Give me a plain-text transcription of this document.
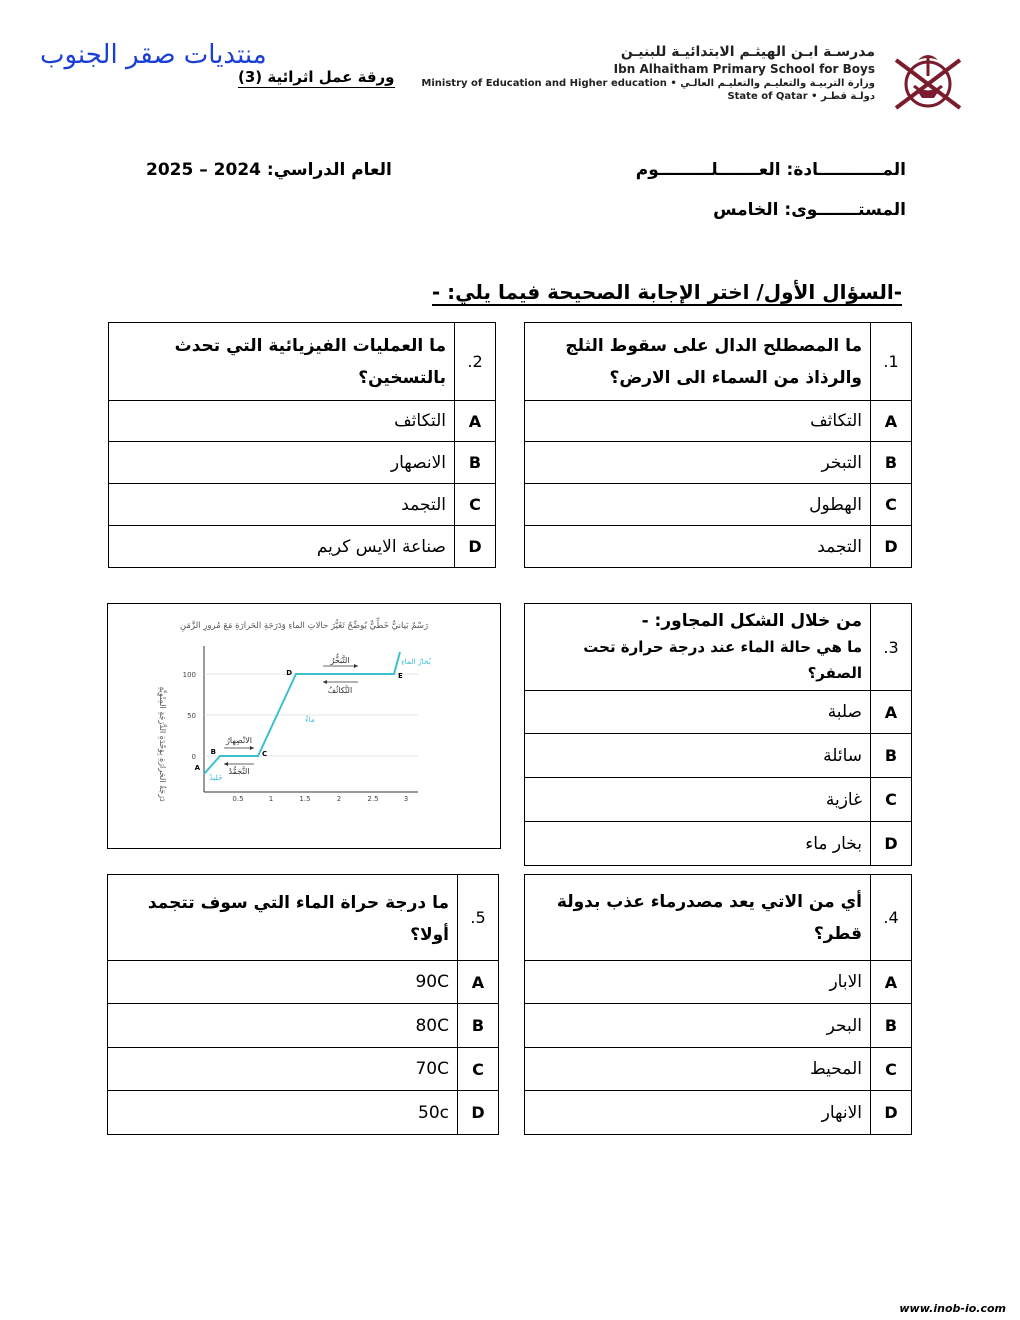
منتديات صقر الجنوب
ورقة عمل اثرائية (3)
مدرسـة ابـن الهيثـم الابتدائيـة للبنيـن
Ibn Alhaitham Primary School for Boys
Ministry of Education and Higher education • وزارة التربيـة والتعليـم والتعليـم العالـي
State of Qatar • دولـة قطـر
المـــــــــــادة: العـــــــلـــــــــوم
العام الدراسي: 2024 – 2025
المستـــــــوى: الخامس
-السؤال الأول/ اختر الإجابة الصحيحة فيما يلي: -
1.	ما المصطلح الدال على سقوط الثلج والرذاذ من السماء الى الارض؟
A	التكاثف
B	التبخر
C	الهطول
D	التجمد
2.	ما العمليات الفيزيائية التي تحدث بالتسخين؟
A	التكاثف
B	الانصهار
C	التجمد
D	صناعة الايس كريم
3.	من خلال الشكل المجاور: -
ما هي حالة الماء عند درجة حرارة تحت الصفر؟

A	صلبة
B	سائلة
C	غازية
D	بخار ماء
رَسْمٌ بَيانيٌّ خَطِّيٌّ يُوضِّحُ تَغَيُّرَ حالاتِ الماءِ وَدَرَجَةِ الحَرارَةِ مَعَ مُرورِ الزَّمَنِ
دَرَجَةُ الحَرارَةِ بِوَحْدَةِ الدَّرَجَةِ المِئَوِيَّةِ
100
50
0
0.5	1	1.5	2	2.5	3
A
B	C
D	E
التَّبَخُّرُ
التَّكاثُفُ
الانْصِهارُ
التَّجَمُّدُ
بُخارُ الماءِ
ماءٌ
جَليدٌ
4.	أي من الاتي يعد مصدرماء عذب بدولة قطر؟
A	الابار
B	البحر
C	المحيط
D	الانهار
5.	ما درجة حراة الماء التي سوف تتجمد أولا؟
A	90C
B	80C
C	70C
D	50c
www.inob-io.com
